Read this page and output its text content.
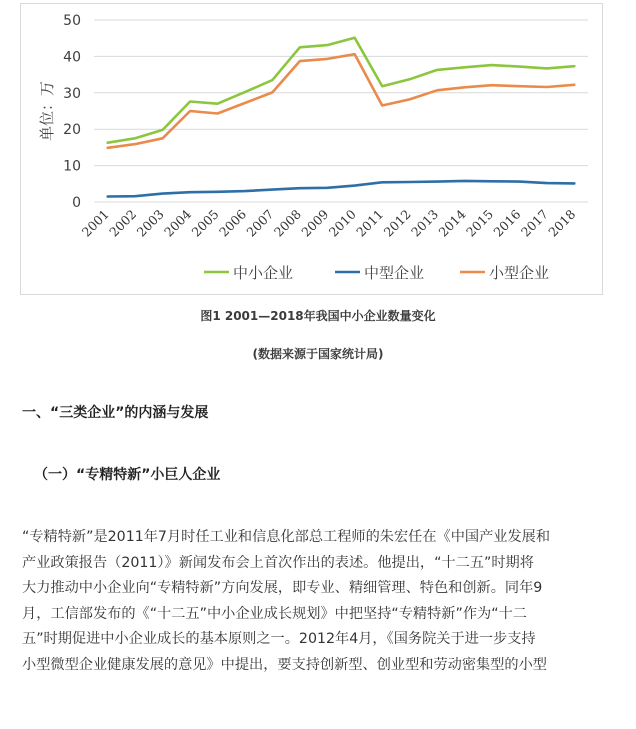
0
10
20
30
40
50
单位：万
2001
2002
2003
2004
2005
2006
2007
2008
2009
2010
2011
2012
2013
2014
2015
2016
2017
2018
中小企业	中型企业	小型企业
图1 2001—2018年我国中小企业数量变化
(数据来源于国家统计局)
一、“三类企业”的内涵与发展
（一）“专精特新”小巨人企业
“专精特新”是2011年7月时任工业和信息化部总工程师的朱宏任在《中国产业发展和
产业政策报告（2011）》新闻发布会上首次作出的表述。他提出，“十二五”时期将
大力推动中小企业向“专精特新”方向发展，即专业、精细管理、特色和创新。同年9
月，工信部发布的《“十二五”中小企业成长规划》中把坚持“专精特新”作为“十二
五”时期促进中小企业成长的基本原则之一。2012年4月，《国务院关于进一步支持
小型微型企业健康发展的意见》中提出，要支持创新型、创业型和劳动密集型的小型
